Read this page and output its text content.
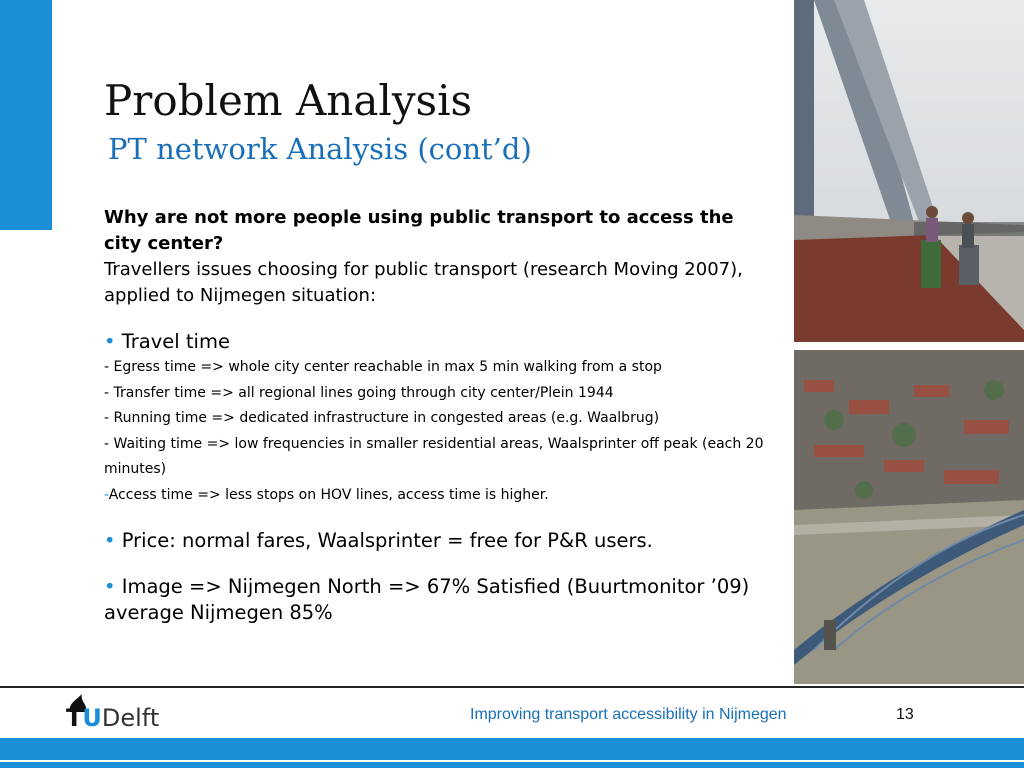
Problem Analysis
PT network Analysis (cont’d)
Why are not more people using public transport to access the city center?
Travellers issues choosing for public transport (research Moving 2007), applied to Nijmegen situation:
• Travel time
- Egress time => whole city center reachable in max 5 min walking from a stop
- Transfer time => all regional lines going through city center/Plein 1944
- Running time => dedicated infrastructure in congested areas (e.g. Waalbrug)
- Waiting time => low frequencies in smaller residential areas, Waalsprinter off peak (each 20 minutes)
-Access time => less stops on HOV lines, access time is higher.
• Price: normal fares, Waalsprinter = free for P&R users.
• Image => Nijmegen North => 67% Satisfied (Buurtmonitor ’09) average Nijmegen 85%
TUDelft	Improving transport accessibility in Nijmegen	13
